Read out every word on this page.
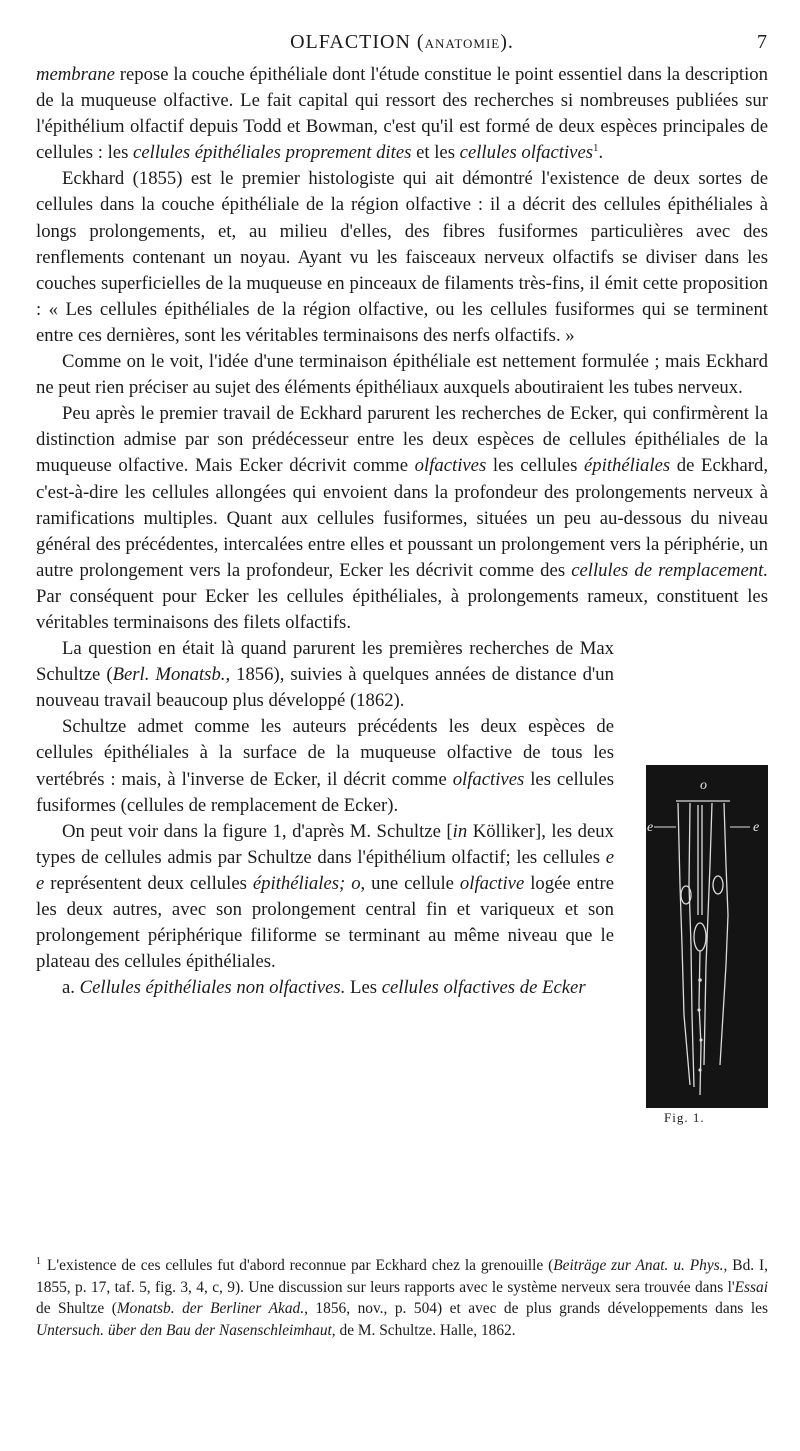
OLFACTION (ANATOMIE).	7

membrane repose la couche épithéliale dont l'étude constitue le point essentiel dans la description de la muqueuse olfactive. Le fait capital qui ressort des recherches si nombreuses publiées sur l'épithélium olfactif depuis Todd et Bowman, c'est qu'il est formé de deux espèces principales de cellules : les cellules épithéliales proprement dites et les cellules olfactives$^1$.

Eckhard (1855) est le premier histologiste qui ait démontré l'existence de deux sortes de cellules dans la couche épithéliale de la région olfactive : il a décrit des cellules épithéliales à longs prolongements, et, au milieu d'elles, des fibres fusiformes particulières avec des renflements contenant un noyau. Ayant vu les faisceaux nerveux olfactifs se diviser dans les couches superficielles de la muqueuse en pinceaux de filaments très-fins, il émit cette proposition : « Les cellules épithéliales de la région olfactive, ou les cellules fusiformes qui se terminent entre ces dernières, sont les véritables terminaisons des nerfs olfactifs. »

Comme on le voit, l'idée d'une terminaison épithéliale est nettement formulée ; mais Eckhard ne peut rien préciser au sujet des éléments épithéliaux auxquels aboutiraient les tubes nerveux.

Peu après le premier travail de Eckhard parurent les recherches de Ecker, qui confirmèrent la distinction admise par son prédécesseur entre les deux espèces de cellules épithéliales de la muqueuse olfactive. Mais Ecker décrivit comme olfactives les cellules épithéliales de Eckhard, c'est-à-dire les cellules allongées qui envoient dans la profondeur des prolongements nerveux à ramifications multiples. Quant aux cellules fusiformes, situées un peu au-dessous du niveau général des précédentes, intercalées entre elles et poussant un prolongement vers la périphérie, un autre prolongement vers la profondeur, Ecker les décrivit comme des cellules de remplacement. Par conséquent pour Ecker les cellules épithéliales, à prolongements rameux, constituent les véritables terminaisons des filets olfactifs.

La question en était là quand parurent les premières recherches de Max Schultze (Berl. Monatsb., 1856), suivies à quelques années de distance d'un nouveau travail beaucoup plus développé (1862).

Schultze admet comme les auteurs précédents les deux espèces de cellules épithéliales à la surface de la muqueuse olfactive de tous les vertébrés : mais, à l'inverse de Ecker, il décrit comme olfactives les cellules fusiformes (cellules de remplacement de Ecker).

On peut voir dans la figure 1, d'après M. Schultze [in Kölliker], les deux types de cellules admis par Schultze dans l'épithélium olfactif; les cellules e e représentent deux cellules épithéliales; o, une cellule olfactive logée entre les deux autres, avec son prolongement central fin et variqueux et son prolongement périphérique filiforme se terminant au même niveau que le plateau des cellules épithéliales.

a. Cellules épithéliales non olfactives. Les cellules olfactives de Ecker

o
e	e
Fig. 1.
$^1$ L'existence de ces cellules fut d'abord reconnue par Eckhard chez la grenouille (Beiträge zur Anat. u. Phys., Bd. I, 1855, p. 17, taf. 5, fig. 3, 4, c, 9). Une discussion sur leurs rapports avec le système nerveux sera trouvée dans l'Essai de Shultze (Monatsb. der Berliner Akad., 1856, nov., p. 504) et avec de plus grands développements dans les Untersuch. über den Bau der Nasenschleimhaut, de M. Schultze. Halle, 1862.
